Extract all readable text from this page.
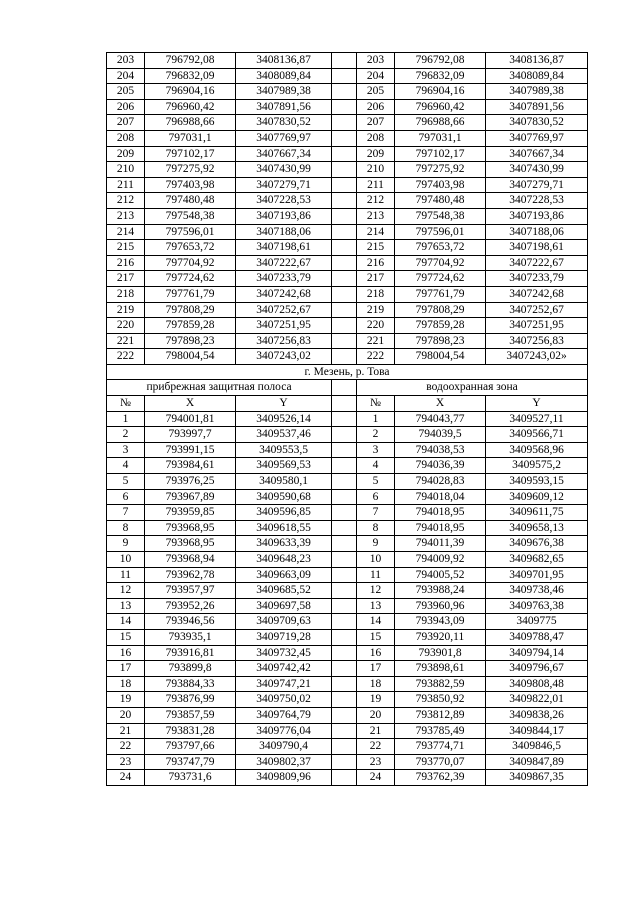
203	796792,08	3408136,87		203	796792,08	3408136,87
204	796832,09	3408089,84		204	796832,09	3408089,84
205	796904,16	3407989,38		205	796904,16	3407989,38
206	796960,42	3407891,56		206	796960,42	3407891,56
207	796988,66	3407830,52		207	796988,66	3407830,52
208	797031,1	3407769,97		208	797031,1	3407769,97
209	797102,17	3407667,34		209	797102,17	3407667,34
210	797275,92	3407430,99		210	797275,92	3407430,99
211	797403,98	3407279,71		211	797403,98	3407279,71
212	797480,48	3407228,53		212	797480,48	3407228,53
213	797548,38	3407193,86		213	797548,38	3407193,86
214	797596,01	3407188,06		214	797596,01	3407188,06
215	797653,72	3407198,61		215	797653,72	3407198,61
216	797704,92	3407222,67		216	797704,92	3407222,67
217	797724,62	3407233,79		217	797724,62	3407233,79
218	797761,79	3407242,68		218	797761,79	3407242,68
219	797808,29	3407252,67		219	797808,29	3407252,67
220	797859,28	3407251,95		220	797859,28	3407251,95
221	797898,23	3407256,83		221	797898,23	3407256,83
222	798004,54	3407243,02		222	798004,54	3407243,02»
г. Мезень, р. Това						
прибрежная защитная полоса				водоохранная зона		
№	X	Y		№	X	Y
1	794001,81	3409526,14		1	794043,77	3409527,11
2	793997,7	3409537,46		2	794039,5	3409566,71
3	793991,15	3409553,5		3	794038,53	3409568,96
4	793984,61	3409569,53		4	794036,39	3409575,2
5	793976,25	3409580,1		5	794028,83	3409593,15
6	793967,89	3409590,68		6	794018,04	3409609,12
7	793959,85	3409596,85		7	794018,95	3409611,75
8	793968,95	3409618,55		8	794018,95	3409658,13
9	793968,95	3409633,39		9	794011,39	3409676,38
10	793968,94	3409648,23		10	794009,92	3409682,65
11	793962,78	3409663,09		11	794005,52	3409701,95
12	793957,97	3409685,52		12	793988,24	3409738,46
13	793952,26	3409697,58		13	793960,96	3409763,38
14	793946,56	3409709,63		14	793943,09	3409775
15	793935,1	3409719,28		15	793920,11	3409788,47
16	793916,81	3409732,45		16	793901,8	3409794,14
17	793899,8	3409742,42		17	793898,61	3409796,67
18	793884,33	3409747,21		18	793882,59	3409808,48
19	793876,99	3409750,02		19	793850,92	3409822,01
20	793857,59	3409764,79		20	793812,89	3409838,26
21	793831,28	3409776,04		21	793785,49	3409844,17
22	793797,66	3409790,4		22	793774,71	3409846,5
23	793747,79	3409802,37		23	793770,07	3409847,89
24	793731,6	3409809,96		24	793762,39	3409867,35
